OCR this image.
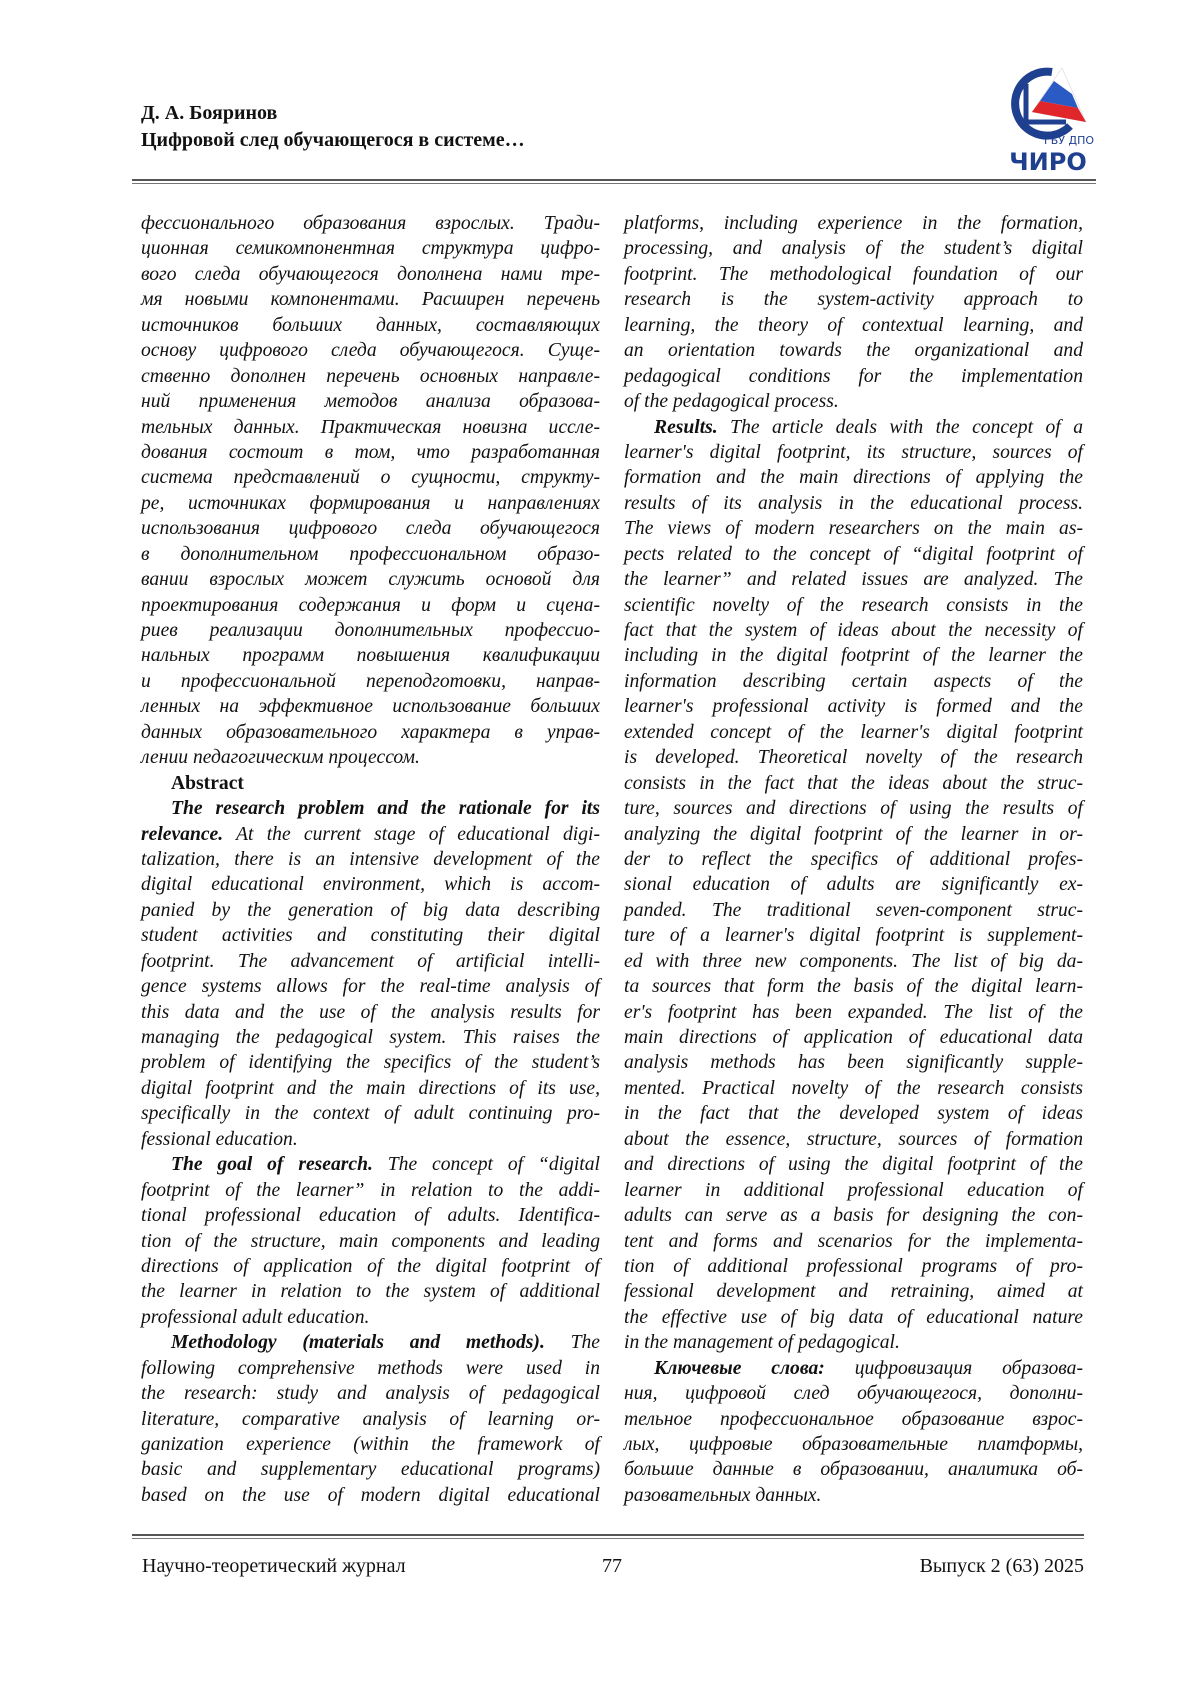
Д. А. Бояринов
Цифровой след обучающегося в системе…	ГБУ ДПО
ЧИРО
фессионального образования взрослых. Тради-
ционная семикомпонентная структура цифро-
вого следа обучающегося дополнена нами тре-
мя новыми компонентами. Расширен перечень
источников больших данных, составляющих
основу цифрового следа обучающегося. Суще-
ственно дополнен перечень основных направле-
ний применения методов анализа образова-
тельных данных. Практическая новизна иссле-
дования состоит в том, что разработанная
система представлений о сущности, структу-
ре, источниках формирования и направлениях
использования цифрового следа обучающегося
в дополнительном профессиональном образо-
вании взрослых может служить основой для
проектирования содержания и форм и сцена-
риев реализации дополнительных профессио-
нальных программ повышения квалификации
и профессиональной переподготовки, направ-
ленных на эффективное использование больших
данных образовательного характера в управ-
лении педагогическим процессом.
Abstract
The research problem and the rationale for its
relevance. At the current stage of educational digi-
talization, there is an intensive development of the
digital educational environment, which is accom-
panied by the generation of big data describing
student activities and constituting their digital
footprint. The advancement of artificial intelli-
gence systems allows for the real-time analysis of
this data and the use of the analysis results for
managing the pedagogical system. This raises the
problem of identifying the specifics of the student’s
digital footprint and the main directions of its use,
specifically in the context of adult continuing pro-
fessional education.
The goal of research. The concept of “digital
footprint of the learner” in relation to the addi-
tional professional education of adults. Identifica-
tion of the structure, main components and leading
directions of application of the digital footprint of
the learner in relation to the system of additional
professional adult education.
Methodology (materials and methods). The
following comprehensive methods were used in
the research: study and analysis of pedagogical
literature, comparative analysis of learning or-
ganization experience (within the framework of
basic and supplementary educational programs)
based on the use of modern digital educational
platforms, including experience in the formation,
processing, and analysis of the student’s digital
footprint. The methodological foundation of our
research is the system-activity approach to
learning, the theory of contextual learning, and
an orientation towards the organizational and
pedagogical conditions for the implementation
of the pedagogical process.
Results. The article deals with the concept of a
learner's digital footprint, its structure, sources of
formation and the main directions of applying the
results of its analysis in the educational process.
The views of modern researchers on the main as-
pects related to the concept of “digital footprint of
the learner” and related issues are analyzed. The
scientific novelty of the research consists in the
fact that the system of ideas about the necessity of
including in the digital footprint of the learner the
information describing certain aspects of the
learner's professional activity is formed and the
extended concept of the learner's digital footprint
is developed. Theoretical novelty of the research
consists in the fact that the ideas about the struc-
ture, sources and directions of using the results of
analyzing the digital footprint of the learner in or-
der to reflect the specifics of additional profes-
sional education of adults are significantly ex-
panded. The traditional seven-component struc-
ture of a learner's digital footprint is supplement-
ed with three new components. The list of big da-
ta sources that form the basis of the digital learn-
er's footprint has been expanded. The list of the
main directions of application of educational data
analysis methods has been significantly supple-
mented. Practical novelty of the research consists
in the fact that the developed system of ideas
about the essence, structure, sources of formation
and directions of using the digital footprint of the
learner in additional professional education of
adults can serve as a basis for designing the con-
tent and forms and scenarios for the implementa-
tion of additional professional programs of pro-
fessional development and retraining, aimed at
the effective use of big data of educational nature
in the management of pedagogical.
Ключевые слова: цифровизация образова-
ния, цифровой след обучающегося, дополни-
тельное профессиональное образование взрос-
лых, цифровые образовательные платформы,
большие данные в образовании, аналитика об-
разовательных данных.
Научно-теоретический журнал	77	Выпуск 2 (63) 2025
